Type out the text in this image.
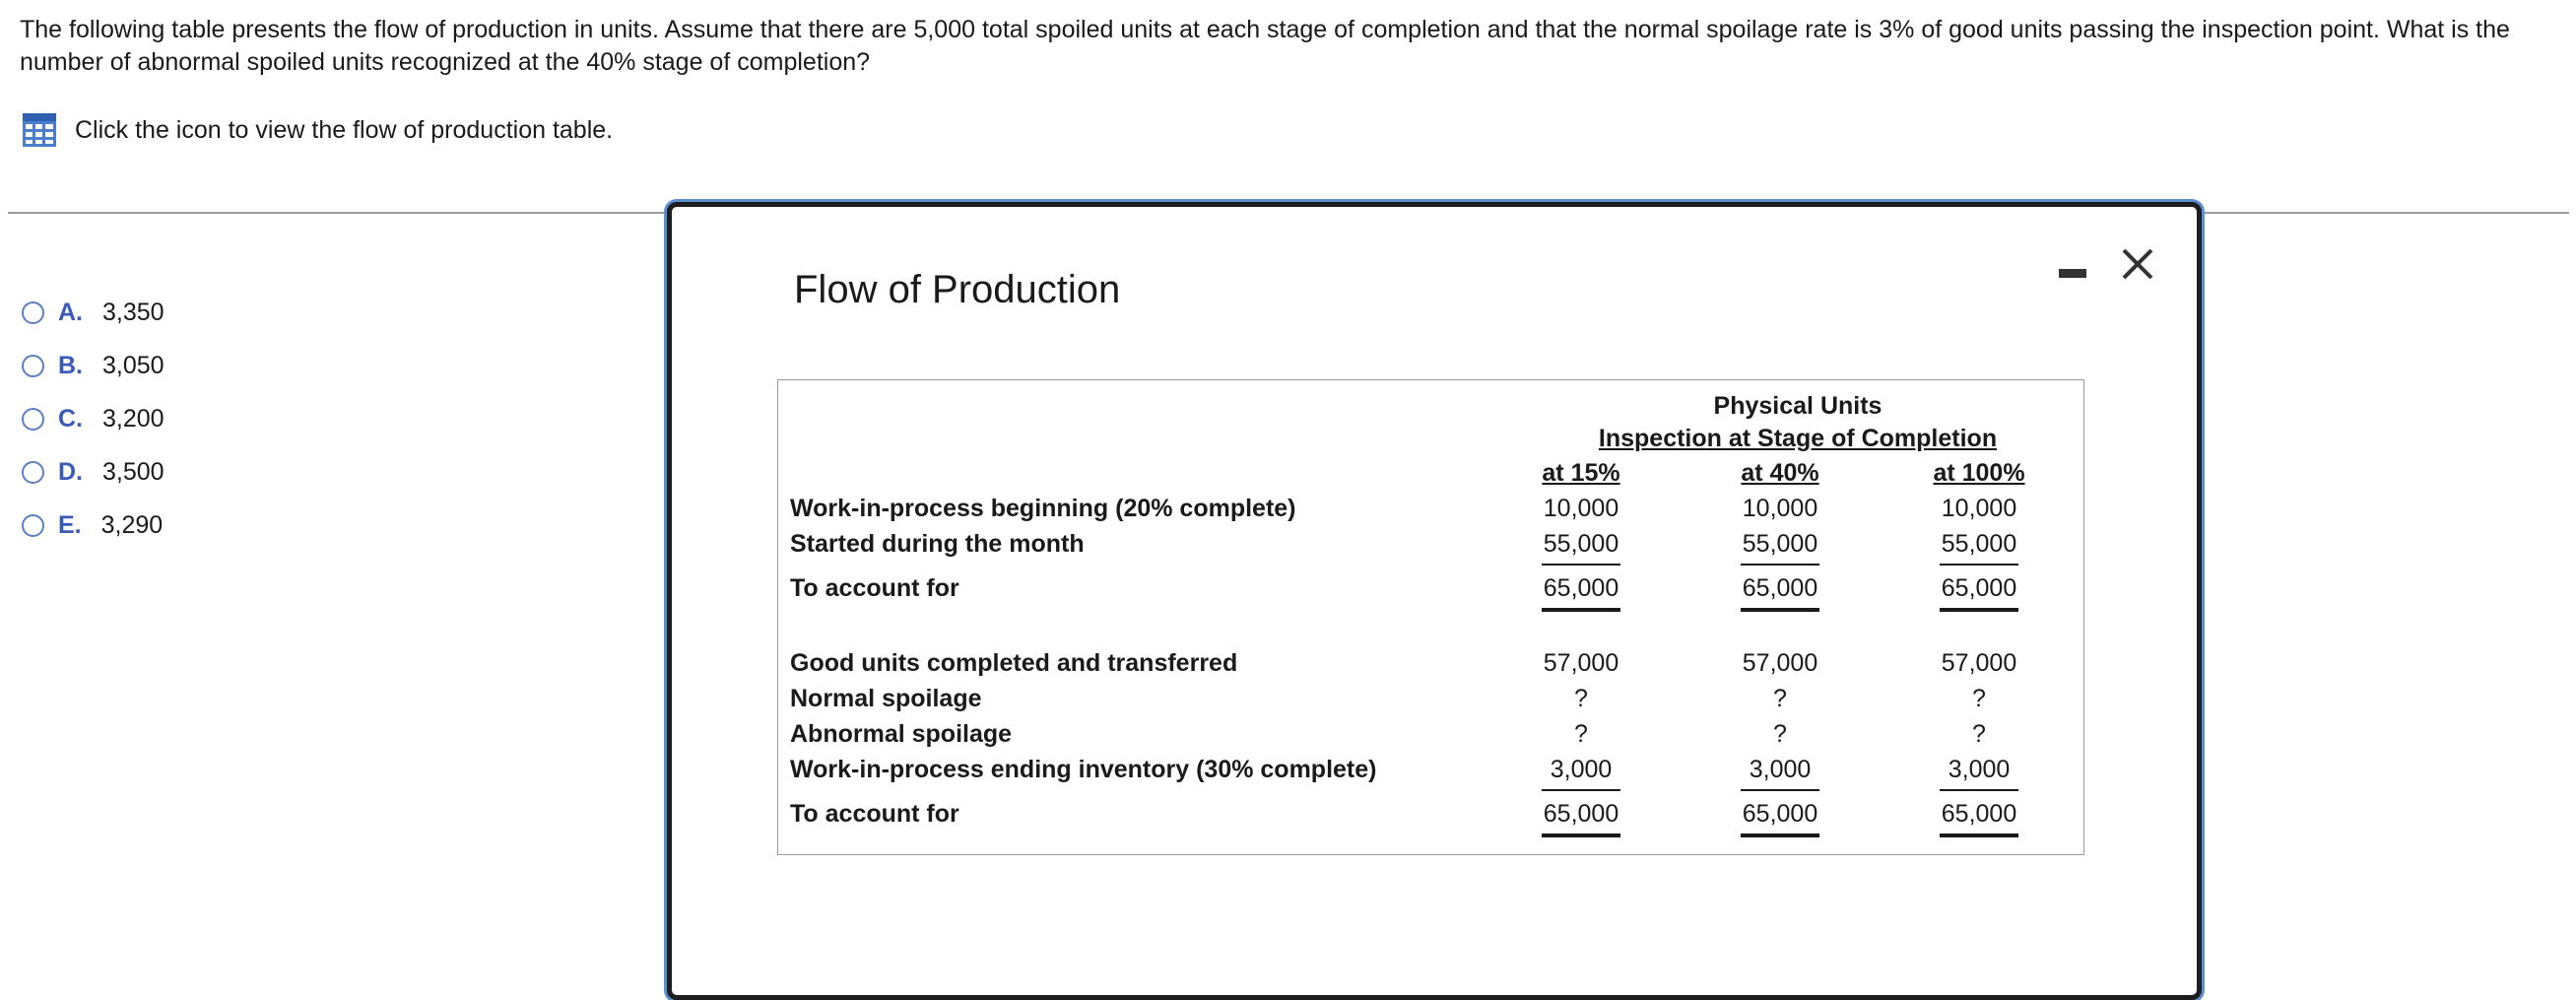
The following table presents the flow of production in units. Assume that there are 5,000 total spoiled units at each stage of completion and that the normal spoilage rate is 3% of good units passing the inspection point. What is the number of abnormal spoiled units recognized at the 40% stage of completion?
Click the icon to view the flow of production table.
A. 3,350
B. 3,050
C. 3,200
D. 3,500
E. 3,290
Flow of Production
Physical Units
Inspection at Stage of Completion
at 15%	at 40%	at 100%
Work-in-process beginning (20% complete)	10,000	10,000	10,000
Started during the month	55,000	55,000	55,000
To account for	65,000	65,000	65,000
Good units completed and transferred	57,000	57,000	57,000
Normal spoilage	?	?	?
Abnormal spoilage	?	?	?
Work-in-process ending inventory (30% complete)	3,000	3,000	3,000
To account for	65,000	65,000	65,000
